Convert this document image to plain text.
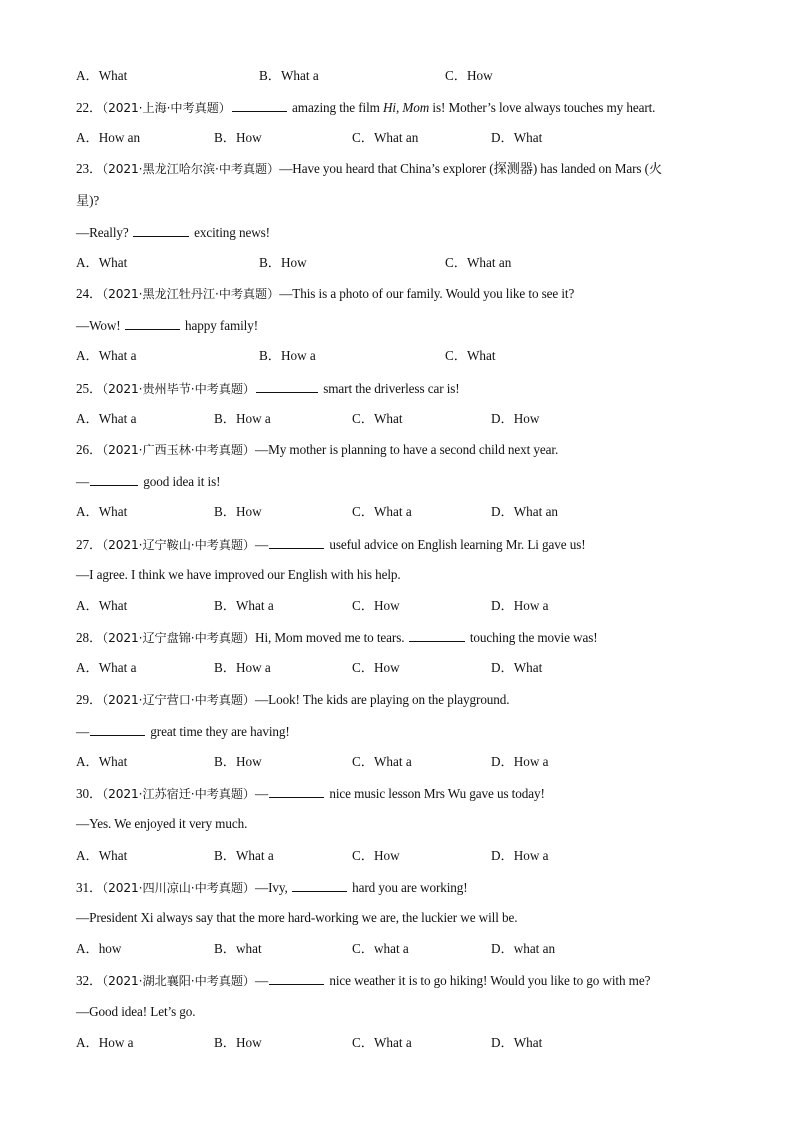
A．What	B．What a	C．How
22．（2021·上海·中考真题）	amazing the film Hi, Mom is! Mother’s love always touches my heart.
A．How an	B．How	C．What an	D．What
23．（2021·黑龙江哈尔滨·中考真题）—Have you heard that China’s explorer (探测器) has landed on Mars (火
星)?
—Really?	exciting news!
A．What	B．How	C．What an
24．（2021·黑龙江牡丹江·中考真题）—This is a photo of our family. Would you like to see it?
—Wow!	happy family!
A．What a	B．How a	C．What
25．（2021·贵州毕节·中考真题）	smart the driverless car is!
A．What a	B．How a	C．What	D．How
26．（2021·广西玉林·中考真题）—My mother is planning to have a second child next year.
—	good idea it is!
A．What	B．How	C．What a	D．What an
27．（2021·辽宁鞍山·中考真题）—	useful advice on English learning Mr. Li gave us!
—I agree. I think we have improved our English with his help.
A．What	B．What a	C．How	D．How a
28．（2021·辽宁盘锦·中考真题）Hi, Mom moved me to tears.	touching the movie was!
A．What a	B．How a	C．How	D．What
29．（2021·辽宁营口·中考真题）—Look! The kids are playing on the playground.
—	great time they are having!
A．What	B．How	C．What a	D．How a
30．（2021·江苏宿迁·中考真题）—	nice music lesson Mrs Wu gave us today!
—Yes. We enjoyed it very much.
A．What	B．What a	C．How	D．How a
31．（2021·四川凉山·中考真题）—Ivy,	hard you are working!
—President Xi always say that the more hard-working we are, the luckier we will be.
A．how	B．what	C．what a	D．what an
32．（2021·湖北襄阳·中考真题）—	nice weather it is to go hiking! Would you like to go with me?
—Good idea! Let’s go.
A．How a	B．How	C．What a	D．What
